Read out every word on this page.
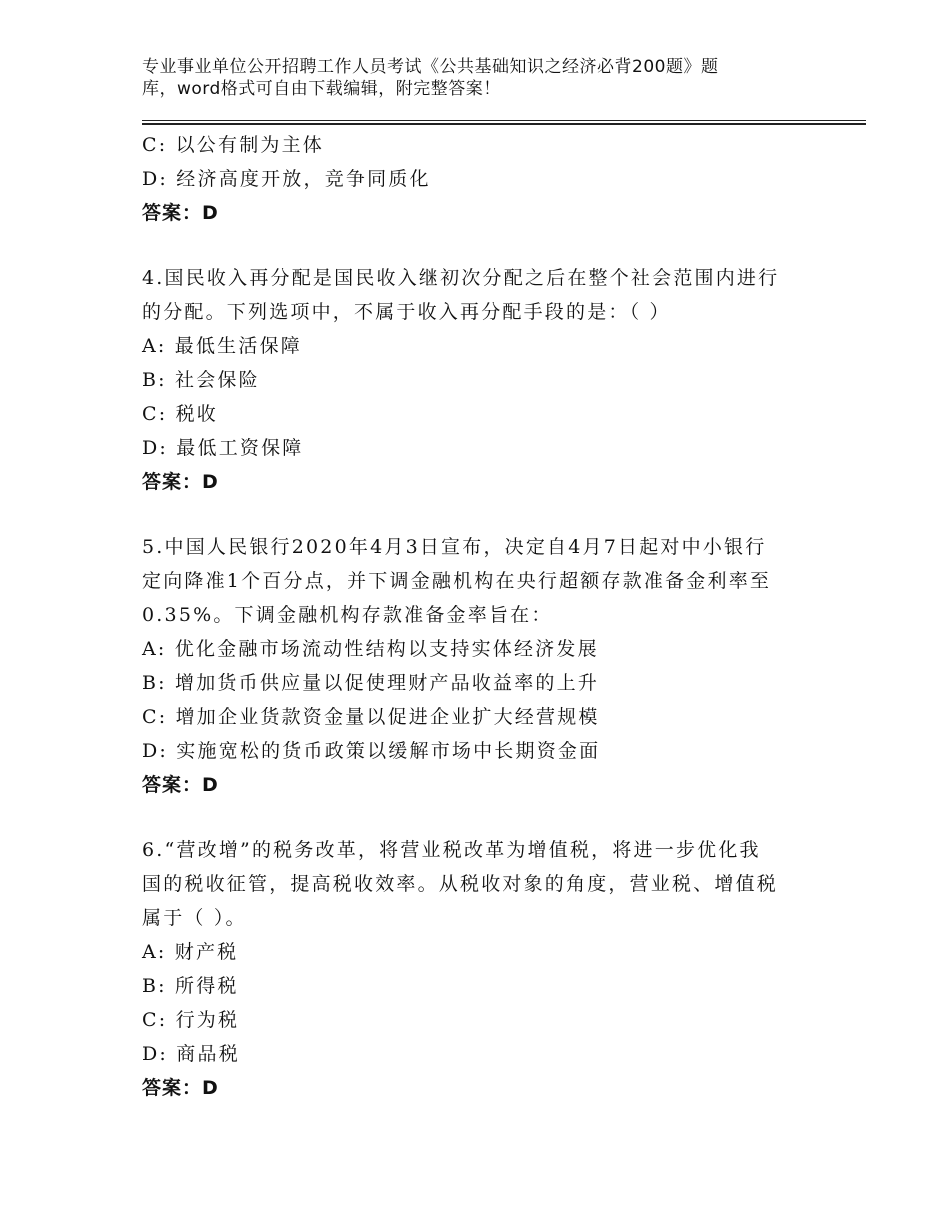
专业事业单位公开招聘工作人员考试《公共基础知识之经济必背200题》题
库，word格式可自由下载编辑，附完整答案！
C: 以公有制为主体
D: 经济高度开放，竞争同质化
答案：D
4.国民收入再分配是国民收入继初次分配之后在整个社会范围内进行
的分配。下列选项中，不属于收入再分配手段的是：（ ）
A: 最低生活保障
B: 社会保险
C: 税收
D: 最低工资保障
答案：D
5.中国人民银行2020年4月3日宣布，决定自4月7日起对中小银行
定向降准1个百分点，并下调金融机构在央行超额存款准备金利率至
0.35%。下调金融机构存款准备金率旨在：
A: 优化金融市场流动性结构以支持实体经济发展
B: 增加货币供应量以促使理财产品收益率的上升
C: 增加企业货款资金量以促进企业扩大经营规模
D: 实施宽松的货币政策以缓解市场中长期资金面
答案：D
6.“营改增”的税务改革，将营业税改革为增值税，将进一步优化我
国的税收征管，提高税收效率。从税收对象的角度，营业税、增值税
属于（ ）。
A: 财产税
B: 所得税
C: 行为税
D: 商品税
答案：D
